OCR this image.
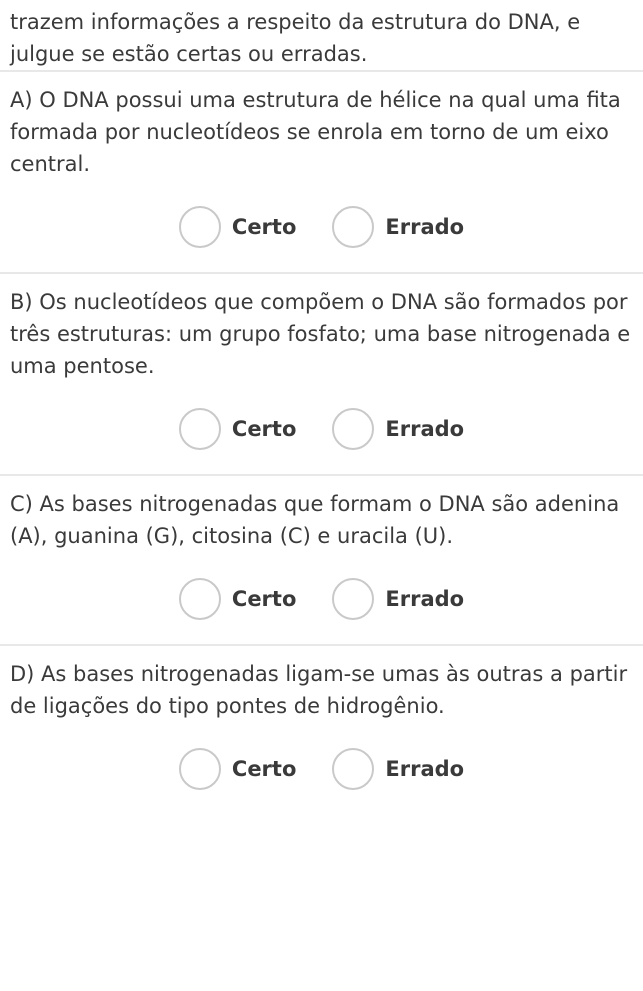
trazem informações a respeito da estrutura do DNA, e julgue se estão certas ou erradas.

A) O DNA possui uma estrutura de hélice na qual uma fita formada por nucleotídeos se enrola em torno de um eixo central.

Certo	Errado

B) Os nucleotídeos que compõem o DNA são formados por três estruturas: um grupo fosfato; uma base nitrogenada e uma pentose.

Certo	Errado

C) As bases nitrogenadas que formam o DNA são adenina (A), guanina (G), citosina (C) e uracila (U).

Certo	Errado

D) As bases nitrogenadas ligam-se umas às outras a partir de ligações do tipo pontes de hidrogênio.

Certo	Errado
